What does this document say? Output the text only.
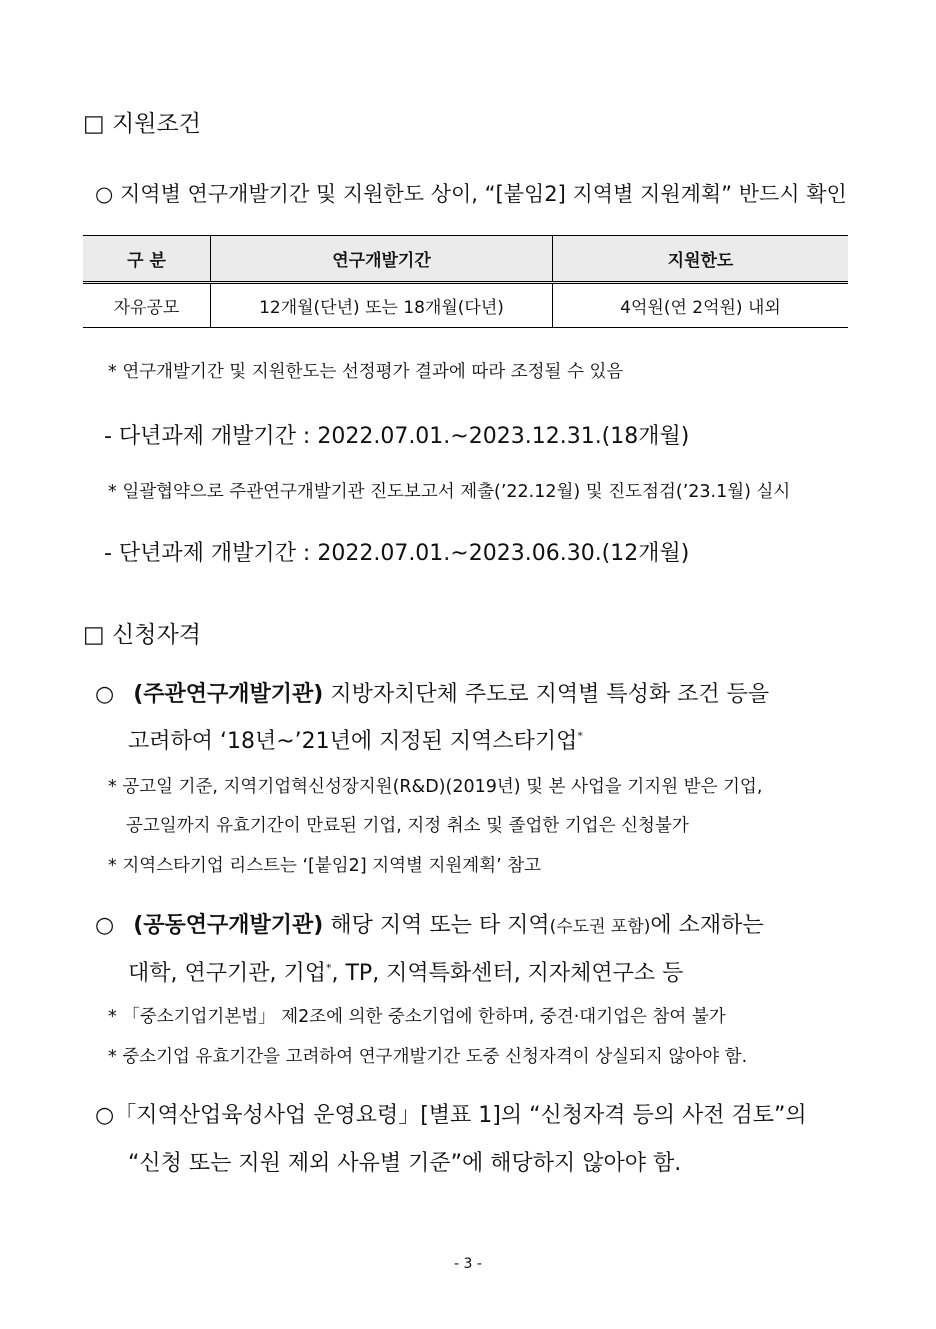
□ 지원조건
○ 지역별 연구개발기간 및 지원한도 상이, “[붙임2] 지역별 지원계획” 반드시 확인
구 분	연구개발기간	지원한도
자유공모	12개월(단년) 또는 18개월(다년)	4억원(연 2억원) 내외
* 연구개발기간 및 지원한도는 선정평가 결과에 따라 조정될 수 있음
- 다년과제 개발기간 : 2022.07.01.~2023.12.31.(18개월)
* 일괄협약으로 주관연구개발기관 진도보고서 제출(’22.12월) 및 진도점검(’23.1월) 실시
- 단년과제 개발기간 : 2022.07.01.~2023.06.30.(12개월)
□ 신청자격
○ (주관연구개발기관) 지방자치단체 주도로 지역별 특성화 조건 등을
고려하여 ‘18년~’21년에 지정된 지역스타기업*
* 공고일 기준, 지역기업혁신성장지원(R&D)(2019년) 및 본 사업을 기지원 받은 기업,
공고일까지 유효기간이 만료된 기업, 지정 취소 및 졸업한 기업은 신청불가
* 지역스타기업 리스트는 ‘[붙임2] 지역별 지원계획’ 참고
○ (공동연구개발기관) 해당 지역 또는 타 지역(수도권 포함)에 소재하는
대학, 연구기관, 기업*, TP, 지역특화센터, 지자체연구소 등
* 「중소기업기본법」 제2조에 의한 중소기업에 한하며, 중견·대기업은 참여 불가
* 중소기업 유효기간을 고려하여 연구개발기간 도중 신청자격이 상실되지 않아야 함.
○「지역산업육성사업 운영요령」[별표 1]의 “신청자격 등의 사전 검토”의
“신청 또는 지원 제외 사유별 기준”에 해당하지 않아야 함.
- 3 -
